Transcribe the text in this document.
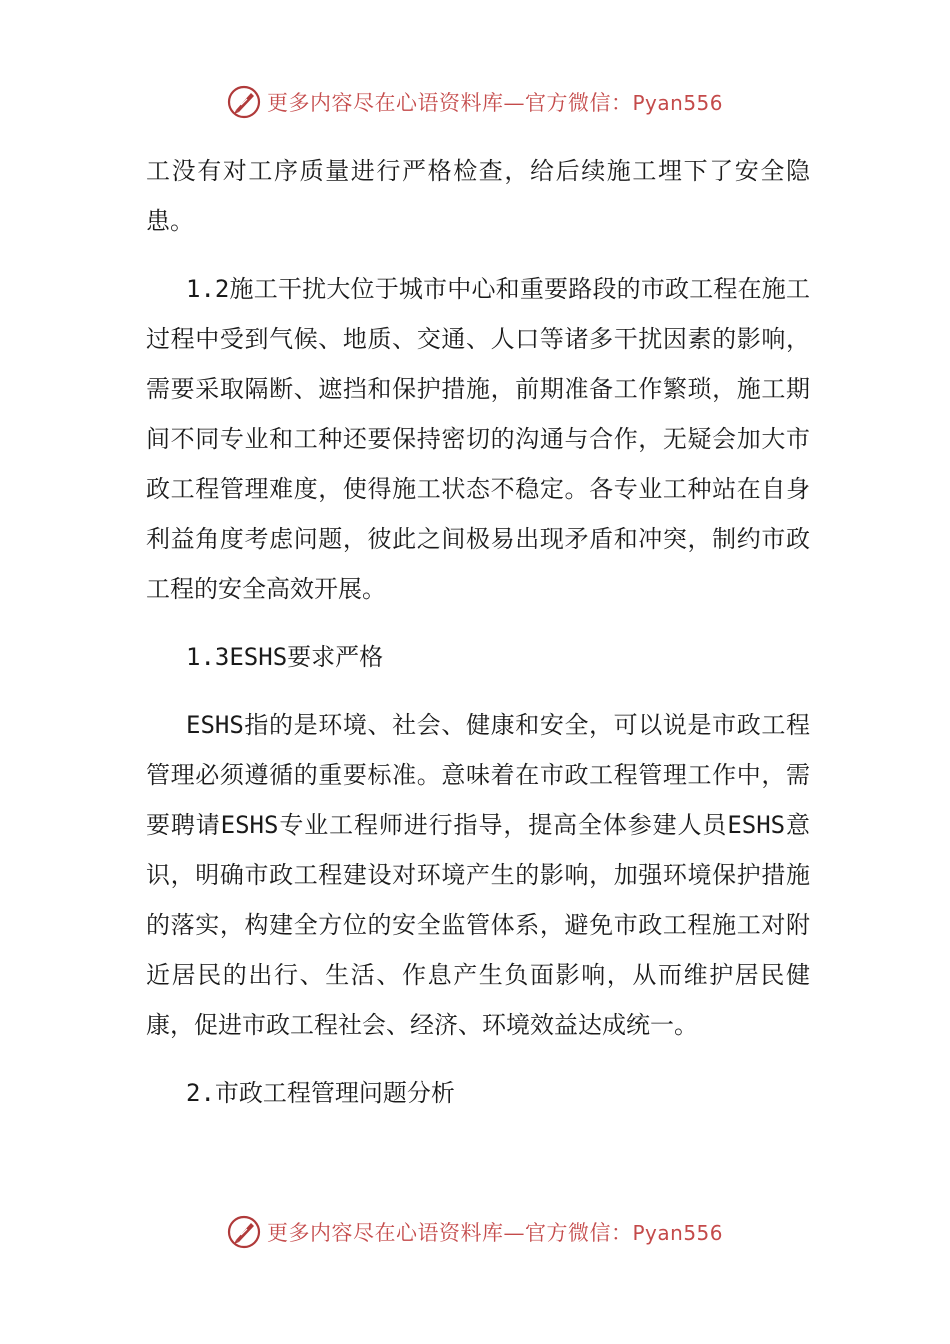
更多内容尽在心语资料库—官方微信：Pyan556

工没有对工序质量进行严格检查，给后续施工埋下了安全隐患。

1.2施工干扰大位于城市中心和重要路段的市政工程在施工过程中受到气候、地质、交通、人口等诸多干扰因素的影响，需要采取隔断、遮挡和保护措施，前期准备工作繁琐，施工期间不同专业和工种还要保持密切的沟通与合作，无疑会加大市政工程管理难度，使得施工状态不稳定。各专业工种站在自身利益角度考虑问题，彼此之间极易出现矛盾和冲突，制约市政工程的安全高效开展。

1.3ESHS要求严格

ESHS指的是环境、社会、健康和安全，可以说是市政工程管理必须遵循的重要标准。意味着在市政工程管理工作中，需要聘请ESHS专业工程师进行指导，提高全体参建人员ESHS意识，明确市政工程建设对环境产生的影响，加强环境保护措施的落实，构建全方位的安全监管体系，避免市政工程施工对附近居民的出行、生活、作息产生负面影响，从而维护居民健康，促进市政工程社会、经济、环境效益达成统一。

2.市政工程管理问题分析

更多内容尽在心语资料库—官方微信：Pyan556
